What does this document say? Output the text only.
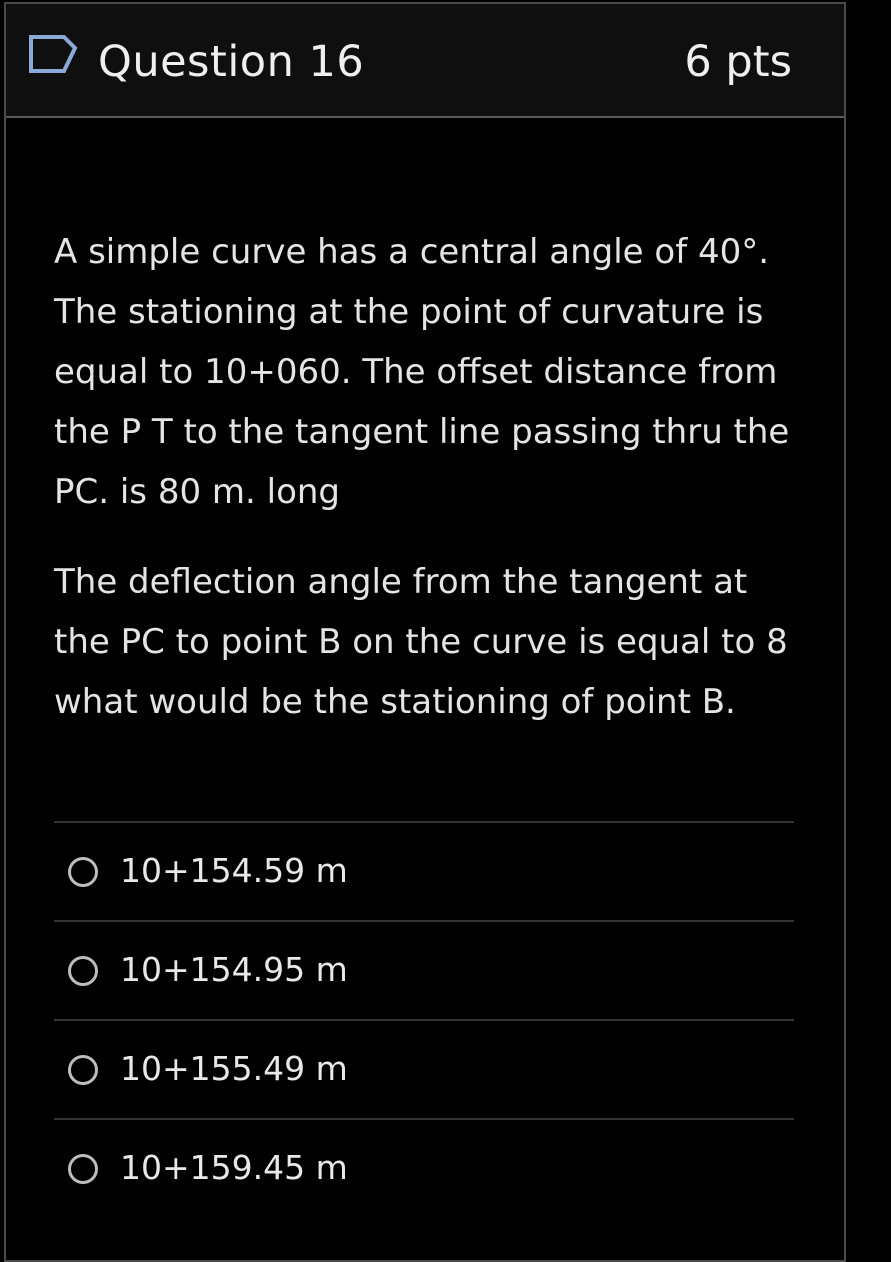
Question 16	6 pts

A simple curve has a central angle of 40°. The stationing at the point of curvature is equal to 10+060. The offset distance from the P T to the tangent line passing thru the PC. is 80 m. long

The deflection angle from the tangent at the PC to point B on the curve is equal to 8 what would be the stationing of point B.

10+154.59 m
10+154.95 m
10+155.49 m
10+159.45 m
